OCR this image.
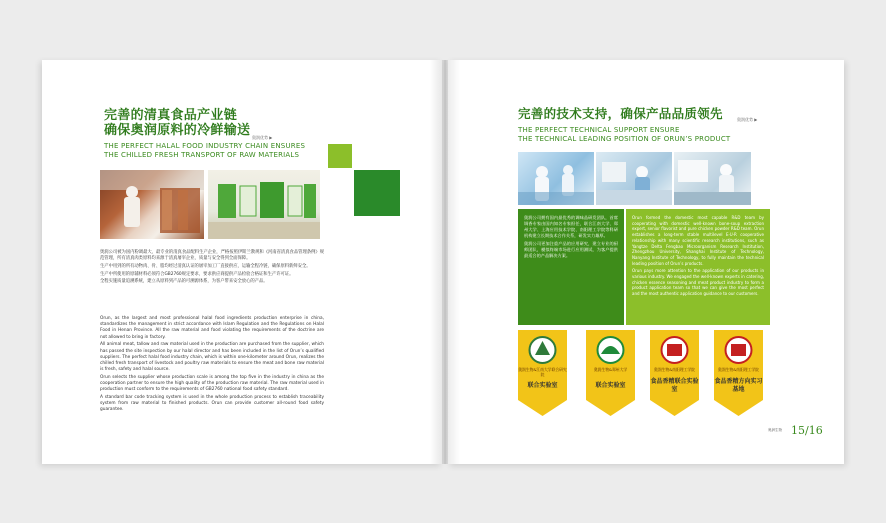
完善的清真食品产业链
确保奥润原料的冷鲜输送 奥润优势 ▶
THE PERFECT HALAL FOOD INDUSTRY CHAIN ENSURES
THE CHILLED FRESH TRANSPORT OF RAW MATERIALS

奥润公司被为国内粉调最大、最专业的清真食品配料生产企业，严格按照伊斯兰教规和《河南省清真食品管理条例》规范管理，所有清真肉类原料均来源于清真屠宰企业，质量与安全得到全面保障。

生产中用到的所有动物肉、骨、脂均经过清真认证的屠宰加工厂直接供应，运输全程冷链，确保原料新鲜安全。

生产中所使用的原辅材料必须符合GB2760规定要求，要求供应商提供产品检验合格证和生产许可证。

全程实施质量追溯系统，建立从原料到产品的可溯源体系，为客户带来安全放心的产品。

Orun, as the largest and most professional halal food ingredients production enterprise in china, standardizes the management in strict accordance with Islam Regulation and the Regulations on Halal Food in Henan Province. All the raw material and food violating the requirements of the doctrine are not allowed to bring in factory.

All animal meat, tallow and raw material used in the production are purchased from the supplier, which has passed the site inspection by our halal director and has been included in the list of Orun’s qualified suppliers. The perfect halal food industry chain, which is within one-kilometer around Orun, realizes the chilled fresh transport of livestock and poultry raw materials to ensure the meat and bone raw material is fresh, safety and halal source.

Orun selects the supplier whose production scale is among the top five in the industry in china as the cooperation partner to ensure the high quality of the production raw material. The raw material used in production must conform to the requirements of GB2760 national food safety standard.

A standard bar code tracking system is used in the whole production process to establish traceability system from raw material to finished products. Orun can provide customer all-round food safety guarantee.

完善的技术支持，确保产品品质领先	奥润优势 ▶
THE PERFECT TECHNICAL SUPPORT ENSURE
THE TECHNICAL LEADING POSITION OF ORUN’S PRODUCT

奥润公司拥有国内最优秀的调味品研发团队，首席调香专家由国内知名专家担任，联合江南大学、郑州大学、上海应用技术学院、南阳理工学院等科研机构建立长期技术合作关系，研发实力雄厚。

奥润公司更加注重产品的应用研究，建立专业的厨师团队，模拟终端市场进行应用测试，为客户提供最适合的产品解决方案。

Orun formed the domestic most capable R&D team by cooperating with domestic well-known bone-soup extraction expert, senior flavorist and pure chicken powder R&D team. Orun establishes a long-term stable multilevel E·U·R cooperative relationship with many scientific research institutions, such as Yangtze Delta Fengbao Microorganism Research Institution, Zhengzhou University, Shanghai Institute of Technology, Nanyang Institute of Technology, to fully maintain the technical leading position of Orun’s products.

Orun pays more attention to the application of our products in various industry. We engaged the well-known experts in catering, chicken essence seasoning and meat product industry to form a product application team so that we can give the most perfect and the most authentic application guidance to our customers.

奥润生物&江南大学联合研究院
联合实验室
奥润生物&郑州大学
联合实验室
奥润生物&南阳理工学院
食品香精联合实验室
奥润生物&南阳理工学院
食品香精方向实习基地
奥润生物 15/16
